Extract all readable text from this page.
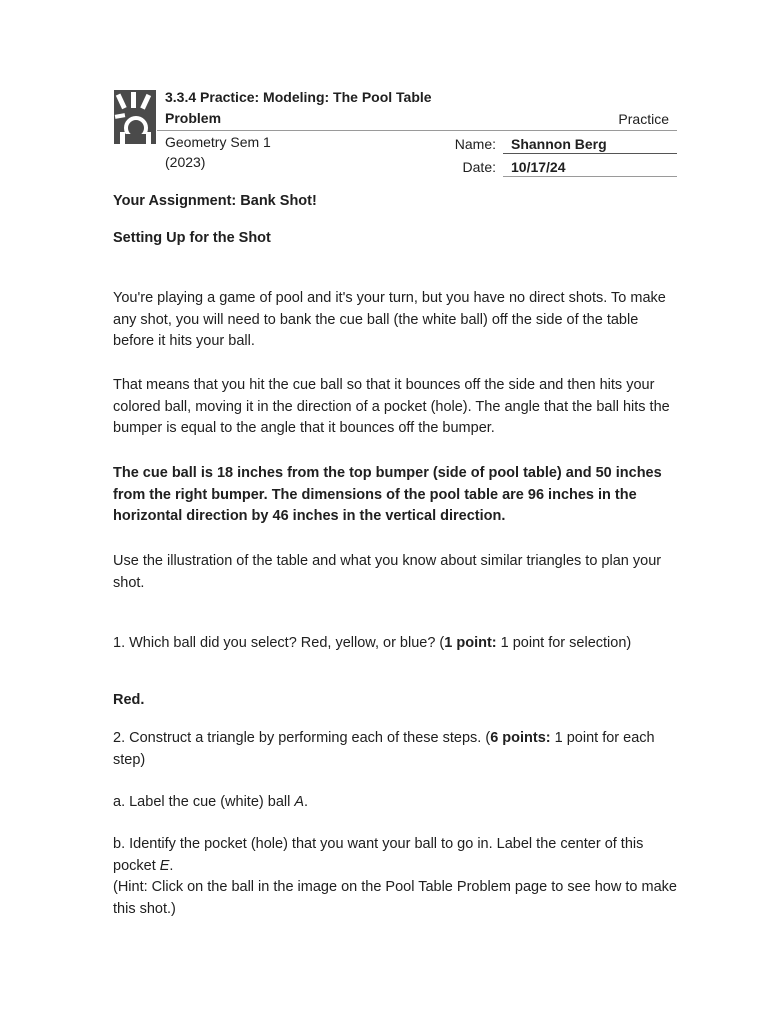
3.3.4 Practice: Modeling: The Pool Table Problem	Practice
Geometry Sem 1
(2023)
Name:	Shannon Berg
Date:	10/17/24
Your Assignment: Bank Shot!
Setting Up for the Shot
You're playing a game of pool and it's your turn, but you have no direct shots. To make any shot, you will need to bank the cue ball (the white ball) off the side of the table before it hits your ball.
That means that you hit the cue ball so that it bounces off the side and then hits your colored ball, moving it in the direction of a pocket (hole). The angle that the ball hits the bumper is equal to the angle that it bounces off the bumper.
The cue ball is 18 inches from the top bumper (side of pool table) and 50 inches from the right bumper. The dimensions of the pool table are 96 inches in the horizontal direction by 46 inches in the vertical direction.
Use the illustration of the table and what you know about similar triangles to plan your shot.
1. Which ball did you select? Red, yellow, or blue? (1 point: 1 point for selection)
Red.
2. Construct a triangle by performing each of these steps. (6 points: 1 point for each step)
a. Label the cue (white) ball A.
b. Identify the pocket (hole) that you want your ball to go in. Label the center of this pocket E.
(Hint: Click on the ball in the image on the Pool Table Problem page to see how to make this shot.)
